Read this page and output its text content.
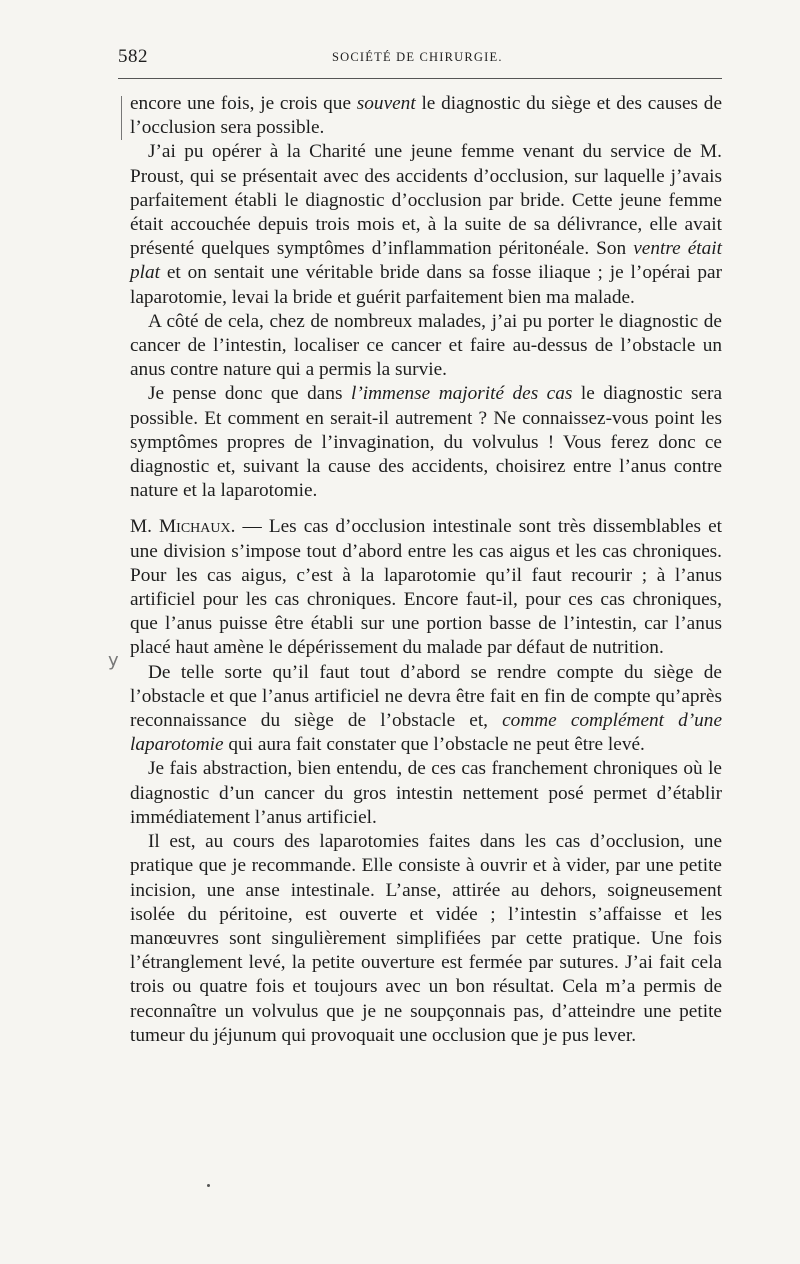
582	SOCIÉTÉ DE CHIRURGIE.
y

encore une fois, je crois que souvent le diagnostic du siège et des causes de l’occlusion sera possible.

J’ai pu opérer à la Charité une jeune femme venant du service de M. Proust, qui se présentait avec des accidents d’occlusion, sur laquelle j’avais parfaitement établi le diagnostic d’occlusion par bride. Cette jeune femme était accouchée depuis trois mois et, à la suite de sa délivrance, elle avait présenté quelques symptômes d’inflammation péritonéale. Son ventre était plat et on sentait une véritable bride dans sa fosse iliaque ; je l’opérai par laparotomie, levai la bride et guérit parfaitement bien ma malade.

A côté de cela, chez de nombreux malades, j’ai pu porter le diagnostic de cancer de l’intestin, localiser ce cancer et faire au-dessus de l’obstacle un anus contre nature qui a permis la survie.

Je pense donc que dans l’immense majorité des cas le diagnostic sera possible. Et comment en serait-il autrement ? Ne connaissez-vous point les symptômes propres de l’invagination, du volvulus ! Vous ferez donc ce diagnostic et, suivant la cause des accidents, choisirez entre l’anus contre nature et la laparotomie.

M. Michaux. — Les cas d’occlusion intestinale sont très dissemblables et une division s’impose tout d’abord entre les cas aigus et les cas chroniques. Pour les cas aigus, c’est à la laparotomie qu’il faut recourir ; à l’anus artificiel pour les cas chroniques. Encore faut-il, pour ces cas chroniques, que l’anus puisse être établi sur une portion basse de l’intestin, car l’anus placé haut amène le dépérissement du malade par défaut de nutrition.

De telle sorte qu’il faut tout d’abord se rendre compte du siège de l’obstacle et que l’anus artificiel ne devra être fait en fin de compte qu’après reconnaissance du siège de l’obstacle et, comme complément d’une laparotomie qui aura fait constater que l’obstacle ne peut être levé.

Je fais abstraction, bien entendu, de ces cas franchement chroniques où le diagnostic d’un cancer du gros intestin nettement posé permet d’établir immédiatement l’anus artificiel.

Il est, au cours des laparotomies faites dans les cas d’occlusion, une pratique que je recommande. Elle consiste à ouvrir et à vider, par une petite incision, une anse intestinale. L’anse, attirée au dehors, soigneusement isolée du péritoine, est ouverte et vidée ; l’intestin s’affaisse et les manœuvres sont singulièrement simplifiées par cette pratique. Une fois l’étranglement levé, la petite ouverture est fermée par sutures. J’ai fait cela trois ou quatre fois et toujours avec un bon résultat. Cela m’a permis de reconnaître un volvulus que je ne soupçonnais pas, d’atteindre une petite tumeur du jéjunum qui provoquait une occlusion que je pus lever.
